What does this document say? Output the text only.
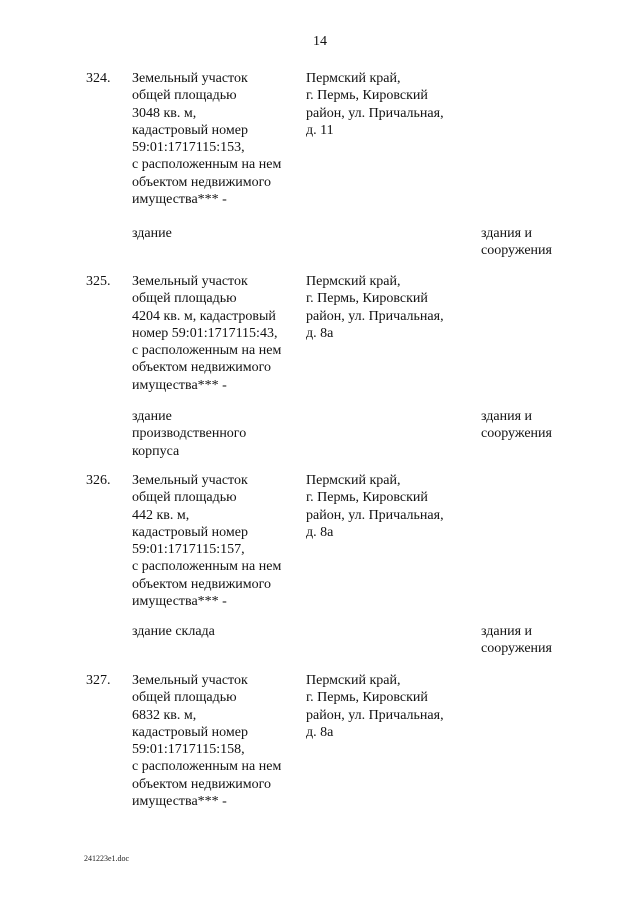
14
324. Земельный участок
общей площадью
3048 кв. м,
кадастровый номер
59:01:1717115:153,
с расположенным на нем
объектом недвижимого
имущества*** -
Пермский край,
г. Пермь, Кировский
район, ул. Причальная,
д. 11
здание	здания и
сооружения
325. Земельный участок
общей площадью
4204 кв. м, кадастровый
номер 59:01:1717115:43,
с расположенным на нем
объектом недвижимого
имущества*** -
Пермский край,
г. Пермь, Кировский
район, ул. Причальная,
д. 8а
здание
производственного
корпуса
здания и
сооружения
326. Земельный участок
общей площадью
442 кв. м,
кадастровый номер
59:01:1717115:157,
с расположенным на нем
объектом недвижимого
имущества*** -
Пермский край,
г. Пермь, Кировский
район, ул. Причальная,
д. 8а
здание склада	здания и
сооружения
327. Земельный участок
общей площадью
6832 кв. м,
кадастровый номер
59:01:1717115:158,
с расположенным на нем
объектом недвижимого
имущества*** -
Пермский край,
г. Пермь, Кировский
район, ул. Причальная,
д. 8а
241223e1.doc
